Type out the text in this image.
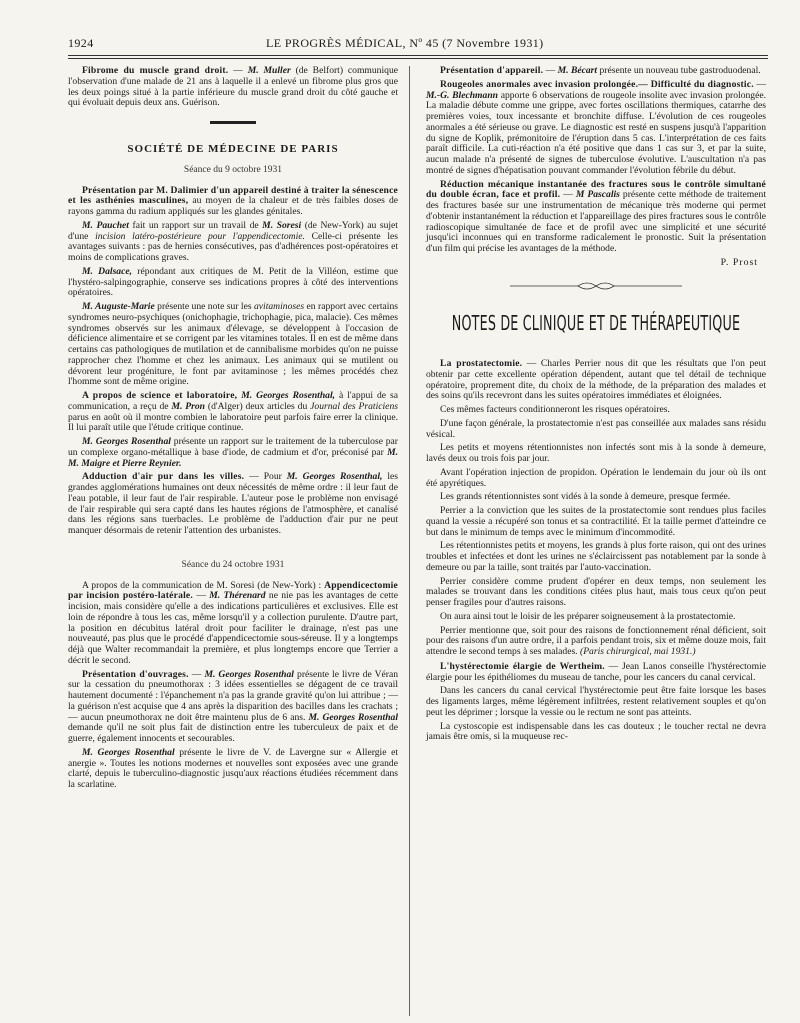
1924	LE PROGRÈS MÉDICAL, Nº 45 (7 Novembre 1931)

Fibrome du muscle grand droit. — M. Muller (de Belfort) communique l'observation d'une malade de 21 ans à laquelle il a enlevé un fibrome plus gros que les deux poings situé à la partie inférieure du muscle grand droit du côté gauche et qui évoluait depuis deux ans. Guérison.

SOCIÉTÉ DE MÉDECINE DE PARIS
Séance du 9 octobre 1931

Présentation par M. Dalimier d'un appareil destiné à traiter la sénescence et les asthénies masculines, au moyen de la chaleur et de très faibles doses de rayons gamma du radium appliqués sur les glandes génitales.

M. Pauchet fait un rapport sur un travail de M. Soresi (de New-York) au sujet d'une incision latéro-postérieure pour l'appendicectomie. Celle-ci présente les avantages suivants : pas de hernies consécutives, pas d'adhérences post-opératoires et moins de complications graves.

M. Dalsace, répondant aux critiques de M. Petit de la Villéon, estime que l'hystéro-salpingographie, conserve ses indications propres à côté des interventions opératoires.

M. Auguste-Marie présente une note sur les avitaminoses en rapport avec certains syndromes neuro-psychiques (onichophagie, trichophagie, pica, malacie). Ces mêmes syndromes observés sur les animaux d'élevage, se développent à l'occasion de déficience alimentaire et se corrigent par les vitamines totales. Il en est de même dans certains cas pathologiques de mutilation et de cannibalisme morbides qu'on ne puisse rapprocher chez l'homme et chez les animaux. Les animaux qui se mutilent ou dévorent leur progéniture, le font par avitaminose ; les mêmes procédés chez l'homme sont de même origine.

A propos de science et laboratoire, M. Georges Rosenthal, à l'appui de sa communication, a reçu de M. Pron (d'Alger) deux articles du Journal des Praticiens parus en août où il montre combien le laboratoire peut parfois faire errer la clinique. Il lui paraît utile que l'étude critique continue.

M. Georges Rosenthal présente un rapport sur le traitement de la tuberculose par un complexe organo-métallique à base d'iode, de cadmium et d'or, préconisé par M. M. Maigre et Pierre Reynier.

Adduction d'air pur dans les villes. — Pour M. Georges Rosenthal, les grandes agglomérations humaines ont deux nécessités de même ordre : il leur faut de l'eau potable, il leur faut de l'air respirable. L'auteur pose le problème non envisagé de l'air respirable qui sera capté dans les hautes régions de l'atmosphère, et canalisé dans les régions sans tuerbacles. Le problème de l'adduction d'air pur ne peut manquer désormais de retenir l'attention des urbanistes.

Séance du 24 octobre 1931

A propos de la communication de M. Soresi (de New-York) : Appendicectomie par incision postéro-latérale. — M. Thérenard ne nie pas les avantages de cette incision, mais considère qu'elle a des indications particulières et exclusives. Elle est loin de répondre à tous les cas, même lorsqu'il y a collection purulente. D'autre part, la position en décubitus latéral droit pour faciliter le drainage, n'est pas une nouveauté, pas plus que le procédé d'appendicectomie sous-séreuse. Il y a longtemps déjà que Walter recommandait la première, et plus longtemps encore que Terrier a décrit le second.

Présentation d'ouvrages. — M. Georges Rosenthal présente le livre de Véran sur la cessation du pneumothorax : 3 idées essentielles se dégagent de ce travail hautement documenté : l'épanchement n'a pas la grande gravité qu'on lui attribue ; — la guérison n'est acquise que 4 ans après la disparition des bacilles dans les crachats ; — aucun pneumothorax ne doit être maintenu plus de 6 ans. M. Georges Rosenthal demande qu'il ne soit plus fait de distinction entre les tuberculeux de paix et de guerre, également innocents et secourables.

M. Georges Rosenthal présente le livre de V. de Lavergne sur « Allergie et anergie ». Toutes les notions modernes et nouvelles sont exposées avec une grande clarté, depuis le tuberculino-diagnostic jusqu'aux réactions étudiées récemment dans la scarlatine.

Présentation d'appareil. — M. Bécart présente un nouveau tube gastroduodenal.

Rougeoles anormales avec invasion prolongée.— Difficulté du diagnostic. — M.-G. Blechmann apporte 6 observations de rougeole insolite avec invasion prolongée. La maladie débute comme une grippe, avec fortes oscillations thermiques, catarrhe des premières voies, toux incessante et bronchite diffuse. L'évolution de ces rougeoles anormales a été sérieuse ou grave. Le diagnostic est resté en suspens jusqu'à l'apparition du signe de Koplik, prémonitoire de l'éruption dans 5 cas. L'interprétation de ces faits paraît difficile. La cuti-réaction n'a été positive que dans 1 cas sur 3, et par la suite, aucun malade n'a présenté de signes de tuberculose évolutive. L'auscultation n'a pas montré de signes d'hépatisation pouvant commander l'évolution fébrile du début.

Réduction mécanique instantanée des fractures sous le contrôle simultané du double écran, face et profil. — M Pascalis présente cette méthode de traitement des fractures basée sur une instrumentation de mécanique très moderne qui permet d'obtenir instantanément la réduction et l'appareillage des pires fractures sous le contrôle radioscopique simultanée de face et de profil avec une simplicité et une sécurité jusqu'ici inconnues qui en transforme radicalement le pronostic. Suit la présentation d'un film qui précise les avantages de la méthode.

P. Prost
NOTES DE CLINIQUE ET DE THÉRAPEUTIQUE

La prostatectomie. — Charles Perrier nous dit que les résultats que l'on peut obtenir par cette excellente opération dépendent, autant que tel détail de technique opératoire, proprement dite, du choix de la méthode, de la préparation des malades et des soins qu'ils recevront dans les suites opératoires immédiates et éloignées.

Ces mêmes facteurs conditionneront les risques opératoires.

D'une façon générale, la prostatectomie n'est pas conseillée aux malades sans résidu vésical.

Les petits et moyens rétentionnistes non infectés sont mis à la sonde à demeure, lavés deux ou trois fois par jour.

Avant l'opération injection de propidon. Opération le lendemain du jour où ils ont été apyrétiques.

Les grands rétentionnistes sont vidés à la sonde à demeure, presque fermée.

Perrier a la conviction que les suites de la prostatectomie sont rendues plus faciles quand la vessie a récupéré son tonus et sa contractilité. Et la taille permet d'atteindre ce but dans le minimum de temps avec le minimum d'incommodité.

Les rétentionnistes petits et moyens, les grands à plus forte raison, qui ont des urines troubles et infectées et dont les urines ne s'éclaircissent pas notablement par la sonde à demeure ou par la taille, sont traités par l'auto-vaccination.

Perrier considère comme prudent d'opérer en deux temps, non seulement les malades se trouvant dans les conditions citées plus haut, mais tous ceux qu'on peut penser fragiles pour d'autres raisons.

On aura ainsi tout le loisir de les préparer soigneusement à la prostatectomie.

Perrier mentionne que, soit pour des raisons de fonctionnement rénal déficient, soit pour des raisons d'un autre ordre, il a parfois pendant trois, six et même douze mois, fait attendre le second temps à ses malades. (Paris chirurgical, mai 1931.)

L'hystérectomie élargie de Wertheim. — Jean Lanos conseille l'hystérectomie élargie pour les épithéliomes du museau de tanche, pour les cancers du canal cervical.

Dans les cancers du canal cervical l'hystérectomie peut être faite lorsque les bases des ligaments larges, même légèrement infiltrées, restent relativement souples et qu'on peut les déprimer ; lorsque la vessie ou le rectum ne sont pas atteints.

La cystoscopie est indispensable dans les cas douteux ; le toucher rectal ne devra jamais être omis, si la muqueuse rec-
